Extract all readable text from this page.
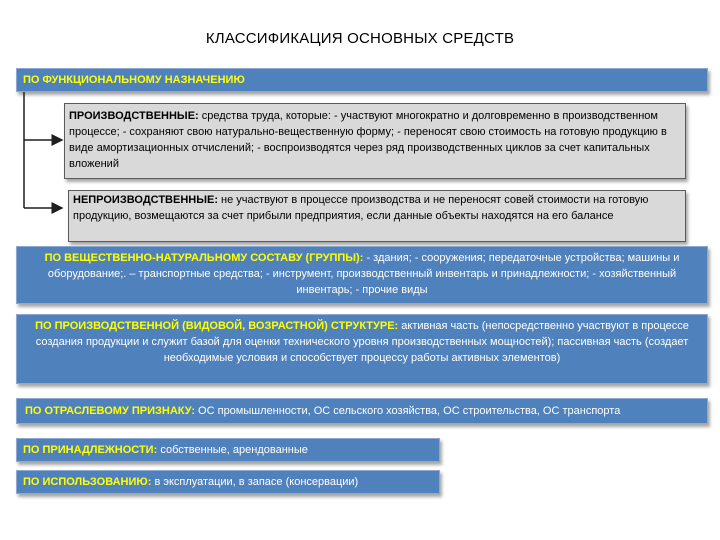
КЛАССИФИКАЦИЯ ОСНОВНЫХ СРЕДСТВ
ПО ФУНКЦИОНАЛЬНОМУ НАЗНАЧЕНИЮ
ПРОИЗВОДСТВЕННЫЕ: средства труда, которые: - участвуют многократно и долговременно в производственном процессе; - сохраняют свою натурально-вещественную форму; - переносят свою стоимость на готовую продукцию в виде амортизационных отчислений; - воспроизводятся через ряд производственных циклов за счет капитальных вложений
НЕПРОИЗВОДСТВЕННЫЕ: не участвуют в процессе производства и не переносят совей стоимости на готовую продукцию, возмещаются за счет прибыли предприятия, если данные объекты находятся на его балансе
ПО ВЕЩЕСТВЕННО-НАТУРАЛЬНОМУ СОСТАВУ (ГРУППЫ): - здания; - сооружения; передаточные устройства; машины и оборудование;. – транспортные средства; - инструмент, производственный инвентарь и принадлежности; - хозяйственный инвентарь; - прочие виды
ПО ПРОИЗВОДСТВЕННОЙ (ВИДОВОЙ, ВОЗРАСТНОЙ) СТРУКТУРЕ: активная часть (непосредственно участвуют в процессе создания продукции и служит базой для оценки технического уровня производственных мощностей); пассивная часть (создает необходимые условия и способствует процессу работы активных элементов)
ПО ОТРАСЛЕВОМУ ПРИЗНАКУ: ОС промышленности, ОС сельского хозяйства, ОС строительства, ОС транспорта
ПО ПРИНАДЛЕЖНОСТИ: собственные, арендованные
ПО ИСПОЛЬЗОВАНИЮ: в эксплуатации, в запасе (консервации)
